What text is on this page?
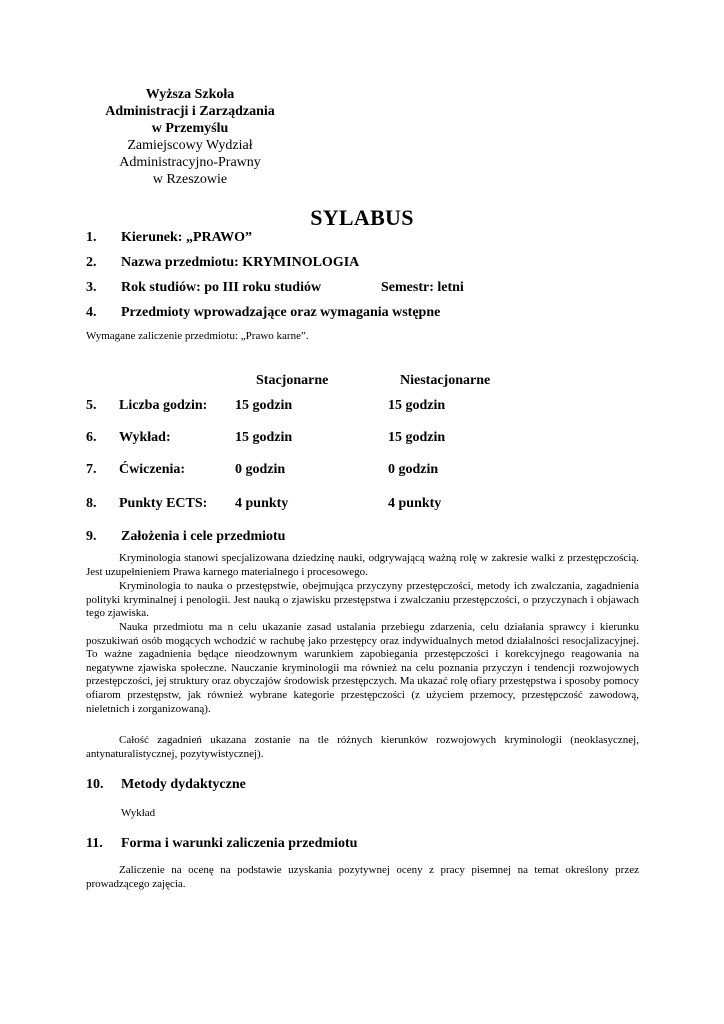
Wyższa Szkoła
Administracji i Zarządzania
w Przemyślu
Zamiejscowy Wydział
Administracyjno-Prawny
w Rzeszowie
SYLABUS
1. Kierunek: „PRAWO”
2. Nazwa przedmiotu: KRYMINOLOGIA
3. Rok studiów: po III roku studiów	Semestr: letni
4. Przedmioty wprowadzające oraz wymagania wstępne
Wymagane zaliczenie przedmiotu: „Prawo karne”.
Stacjonarne	Niestacjonarne
5. Liczba godzin: 15 godzin	15 godzin
6. Wykład:	15 godzin	15 godzin
7. Ćwiczenia:	0 godzin	0 godzin
8. Punkty ECTS: 4 punkty	4 punkty
9. Założenia i cele przedmiotu
Kryminologia stanowi specjalizowana dziedzinę nauki, odgrywającą ważną rolę w zakresie walki z przestępczością. Jest uzupełnieniem Prawa karnego materialnego i procesowego.
Kryminologia to nauka o przestępstwie, obejmująca przyczyny przestępczości, metody ich zwalczania, zagadnienia polityki kryminalnej i penologii. Jest nauką o zjawisku przestępstwa i zwalczaniu przestępczości, o przyczynach i objawach tego zjawiska.
Nauka przedmiotu ma n celu ukazanie zasad ustalania przebiegu zdarzenia, celu działania sprawcy i kierunku poszukiwań osób mogących wchodzić w rachubę jako przestępcy oraz indywidualnych metod działalności resocjalizacyjnej. To ważne zagadnienia będące nieodzownym warunkiem zapobiegania przestępczości i korekcyjnego reagowania na negatywne zjawiska społeczne. Nauczanie kryminologii ma również na celu poznania przyczyn i tendencji rozwojowych przestępczości, jej struktury oraz obyczajów środowisk przestępczych. Ma ukazać rolę ofiary przestępstwa i sposoby pomocy ofiarom przestępstw, jak również wybrane kategorie przestępczości (z użyciem przemocy, przestępczość zawodową, nieletnich i zorganizowaną).
Całość zagadnień ukazana zostanie na tle różnych kierunków rozwojowych kryminologii (neoklasycznej, antynaturalistycznej, pozytywistycznej).
10. Metody dydaktyczne
Wykład
11. Forma i warunki zaliczenia przedmiotu
Zaliczenie na ocenę na podstawie uzyskania pozytywnej oceny z pracy pisemnej na temat określony przez prowadzącego zajęcia.
